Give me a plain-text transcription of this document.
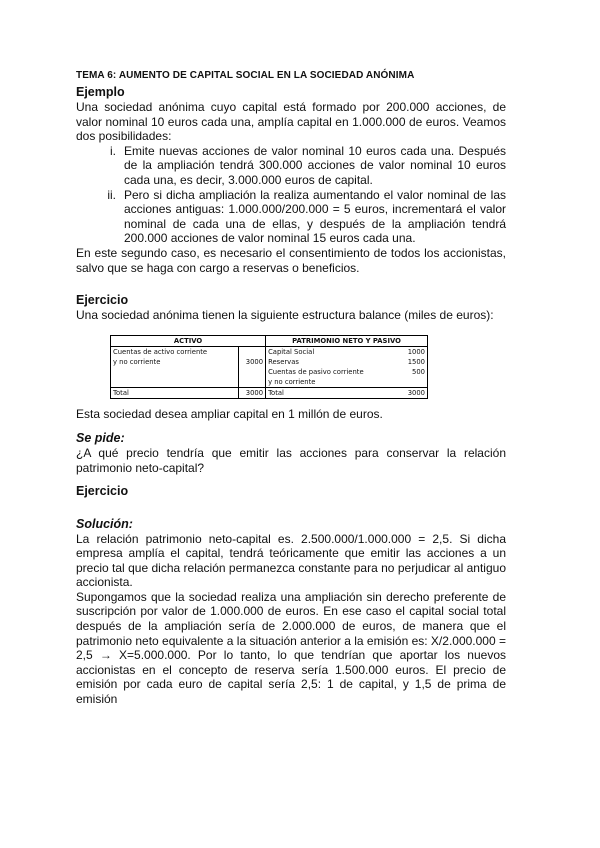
TEMA 6: AUMENTO DE CAPITAL SOCIAL EN LA SOCIEDAD ANÓNIMA
Ejemplo

Una sociedad anónima cuyo capital está formado por 200.000 acciones, de valor nominal 10 euros cada una, amplía capital en 1.000.000 de euros. Veamos dos posibilidades:

i. Emite nuevas acciones de valor nominal 10 euros cada una. Después de la ampliación tendrá 300.000 acciones de valor nominal 10 euros cada una, es decir, 3.000.000 euros de capital.
ii. Pero si dicha ampliación la realiza aumentando el valor nominal de las acciones antiguas: 1.000.000/200.000 = 5 euros, incrementará el valor nominal de cada una de ellas, y después de la ampliación tendrá 200.000 acciones de valor nominal 15 euros cada una.

En este segundo caso, es necesario el consentimiento de todos los accionistas, salvo que se haga con cargo a reservas o beneficios.

Ejercicio

Una sociedad anónima tienen la siguiente estructura balance (miles de euros):

ACTIVO		PATRIMONIO NETO Y PASIVO	
Cuentas de activo corriente		Capital Social	1000
y no corriente	3000	Reservas	1500
		Cuentas de pasivo corriente	500
		y no corriente	
Total	3000	Total	3000

Esta sociedad desea ampliar capital en 1 millón de euros.

Se pide:

¿A qué precio tendría que emitir las acciones para conservar la relación patrimonio neto-capital?

Ejercicio
Solución:

La relación patrimonio neto-capital es. 2.500.000/1.000.000 = 2,5. Si dicha empresa amplía el capital, tendrá teóricamente que emitir las acciones a un precio tal que dicha relación permanezca constante para no perjudicar al antiguo accionista.

Supongamos que la sociedad realiza una ampliación sin derecho preferente de suscripción por valor de 1.000.000 de euros. En ese caso el capital social total después de la ampliación sería de 2.000.000 de euros, de manera que el patrimonio neto equivalente a la situación anterior a la emisión es: X/2.000.000 = 2,5 → X=5.000.000. Por lo tanto, lo que tendrían que aportar los nuevos accionistas en el concepto de reserva sería 1.500.000 euros. El precio de emisión por cada euro de capital sería 2,5: 1 de capital, y 1,5 de prima de emisión
